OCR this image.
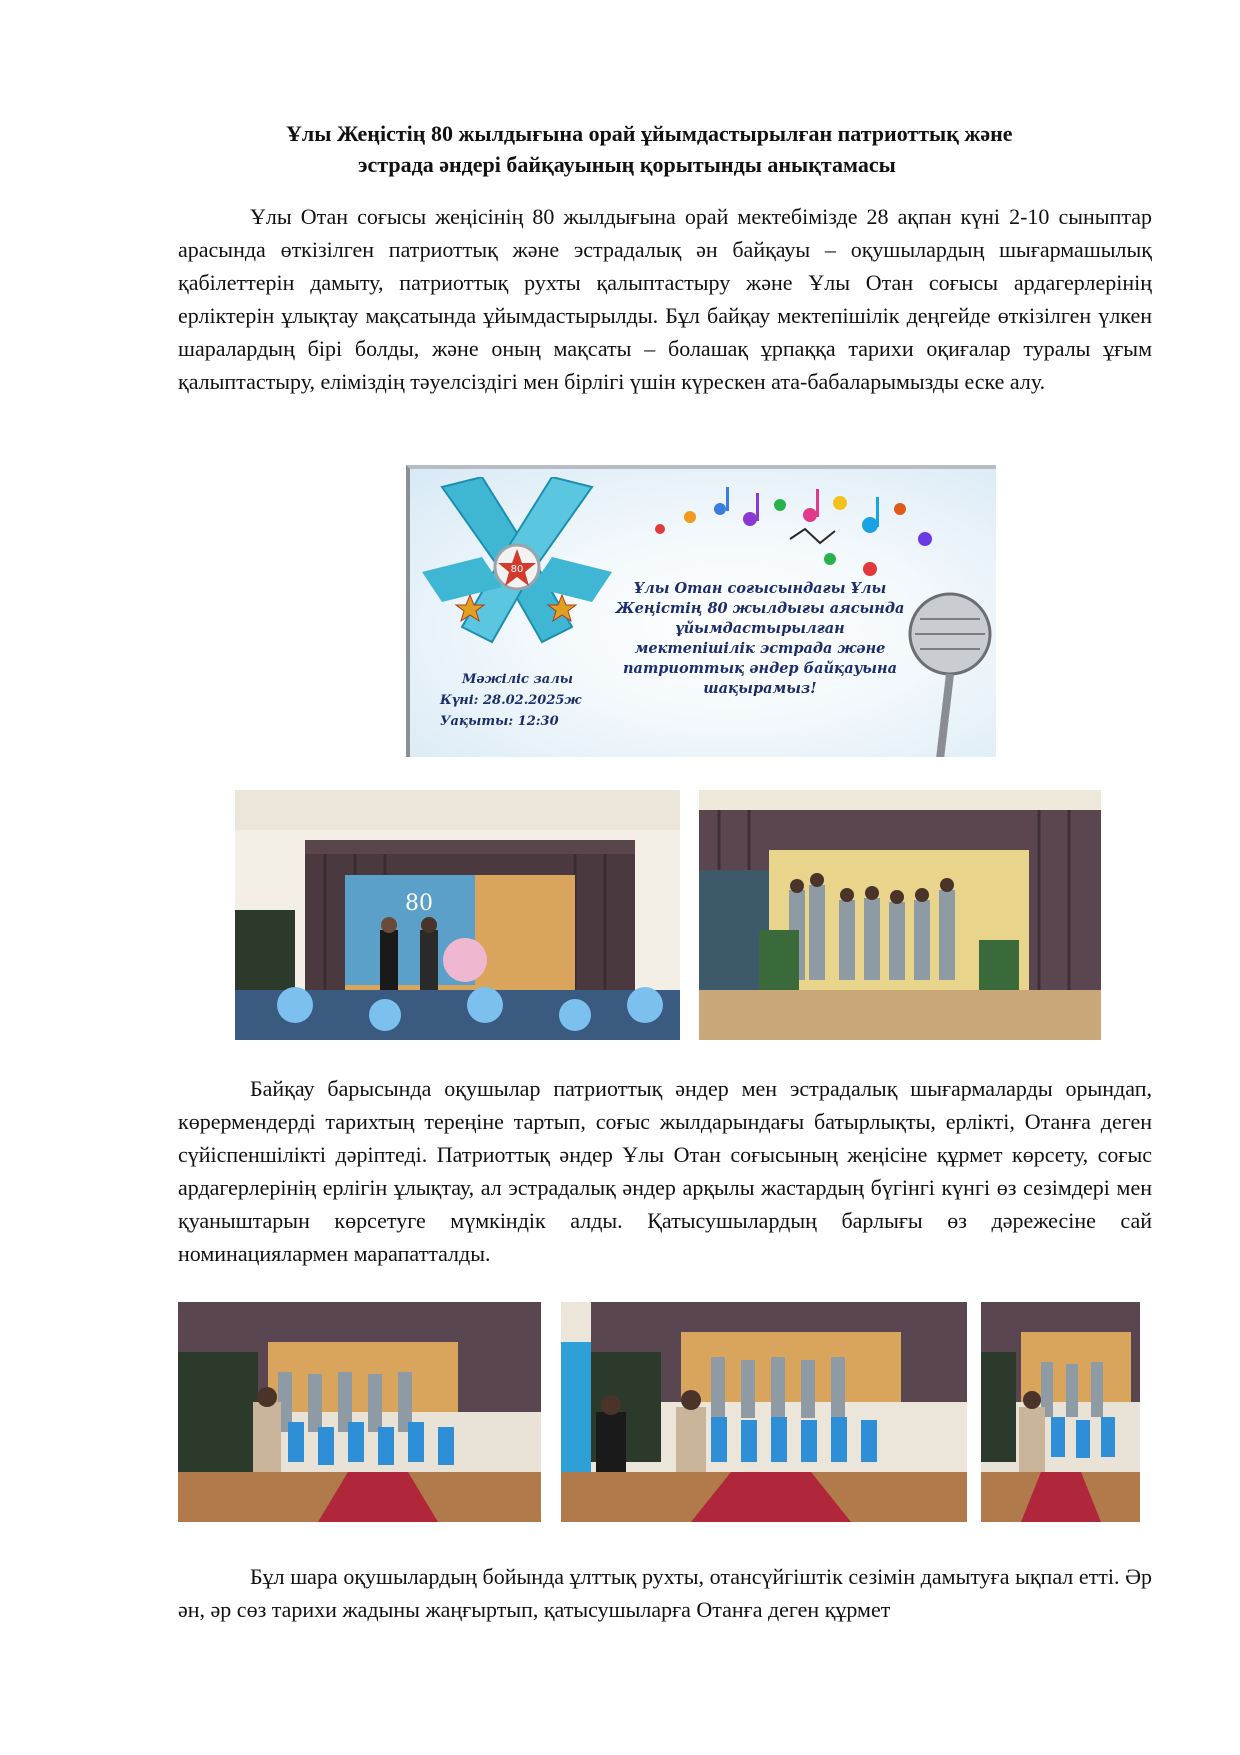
Ұлы Жеңістің 80 жылдығына орай ұйымдастырылған патриоттық және
эстрада әндері байқауының қорытынды анықтамасы
Ұлы Отан соғысы жеңісінің 80 жылдығына орай мектебімізде 28 ақпан күні 2-10 сыныптар арасында өткізілген патриоттық және эстрадалық ән байқауы – оқушылардың шығармашылық қабілеттерін дамыту, патриоттық рухты қалыптастыру және Ұлы Отан соғысы ардагерлерінің ерліктерін ұлықтау мақсатында ұйымдастырылды. Бұл байқау мектепішілік деңгейде өткізілген үлкен шаралардың бірі болды, және оның мақсаты – болашақ ұрпаққа тарихи оқиғалар туралы ұғым қалыптастыру, еліміздің тәуелсіздігі мен бірлігі үшін күрескен ата-бабаларымызды еске алу.
80
Ұлы Отан соғысындағы Ұлы
Жеңістің 80 жылдығы аясында
ұйымдастырылған
мектепішілік эстрада және
патриоттық әндер байқауына
шақырамыз!
Мәжіліс залы
Күні: 28.02.2025ж
Уақыты: 12:30
80
Байқау барысында оқушылар патриоттық әндер мен эстрадалық шығармаларды орындап, көрермендерді тарихтың тереңіне тартып, соғыс жылдарындағы батырлықты, ерлікті, Отанға деген сүйіспеншілікті дәріптеді. Патриоттық әндер Ұлы Отан соғысының жеңісіне құрмет көрсету, соғыс ардагерлерінің ерлігін ұлықтау, ал эстрадалық әндер арқылы жастардың бүгінгі күнгі өз сезімдері мен қуаныштарын көрсетуге мүмкіндік алды. Қатысушылардың барлығы өз дәрежесіне сай номинациялармен марапатталды.
Бұл шара оқушылардың бойында ұлттық рухты, отансүйгіштік сезімін дамытуға ықпал етті. Әр ән, әр сөз тарихи жадыны жаңғыртып, қатысушыларға Отанға деген құрмет
